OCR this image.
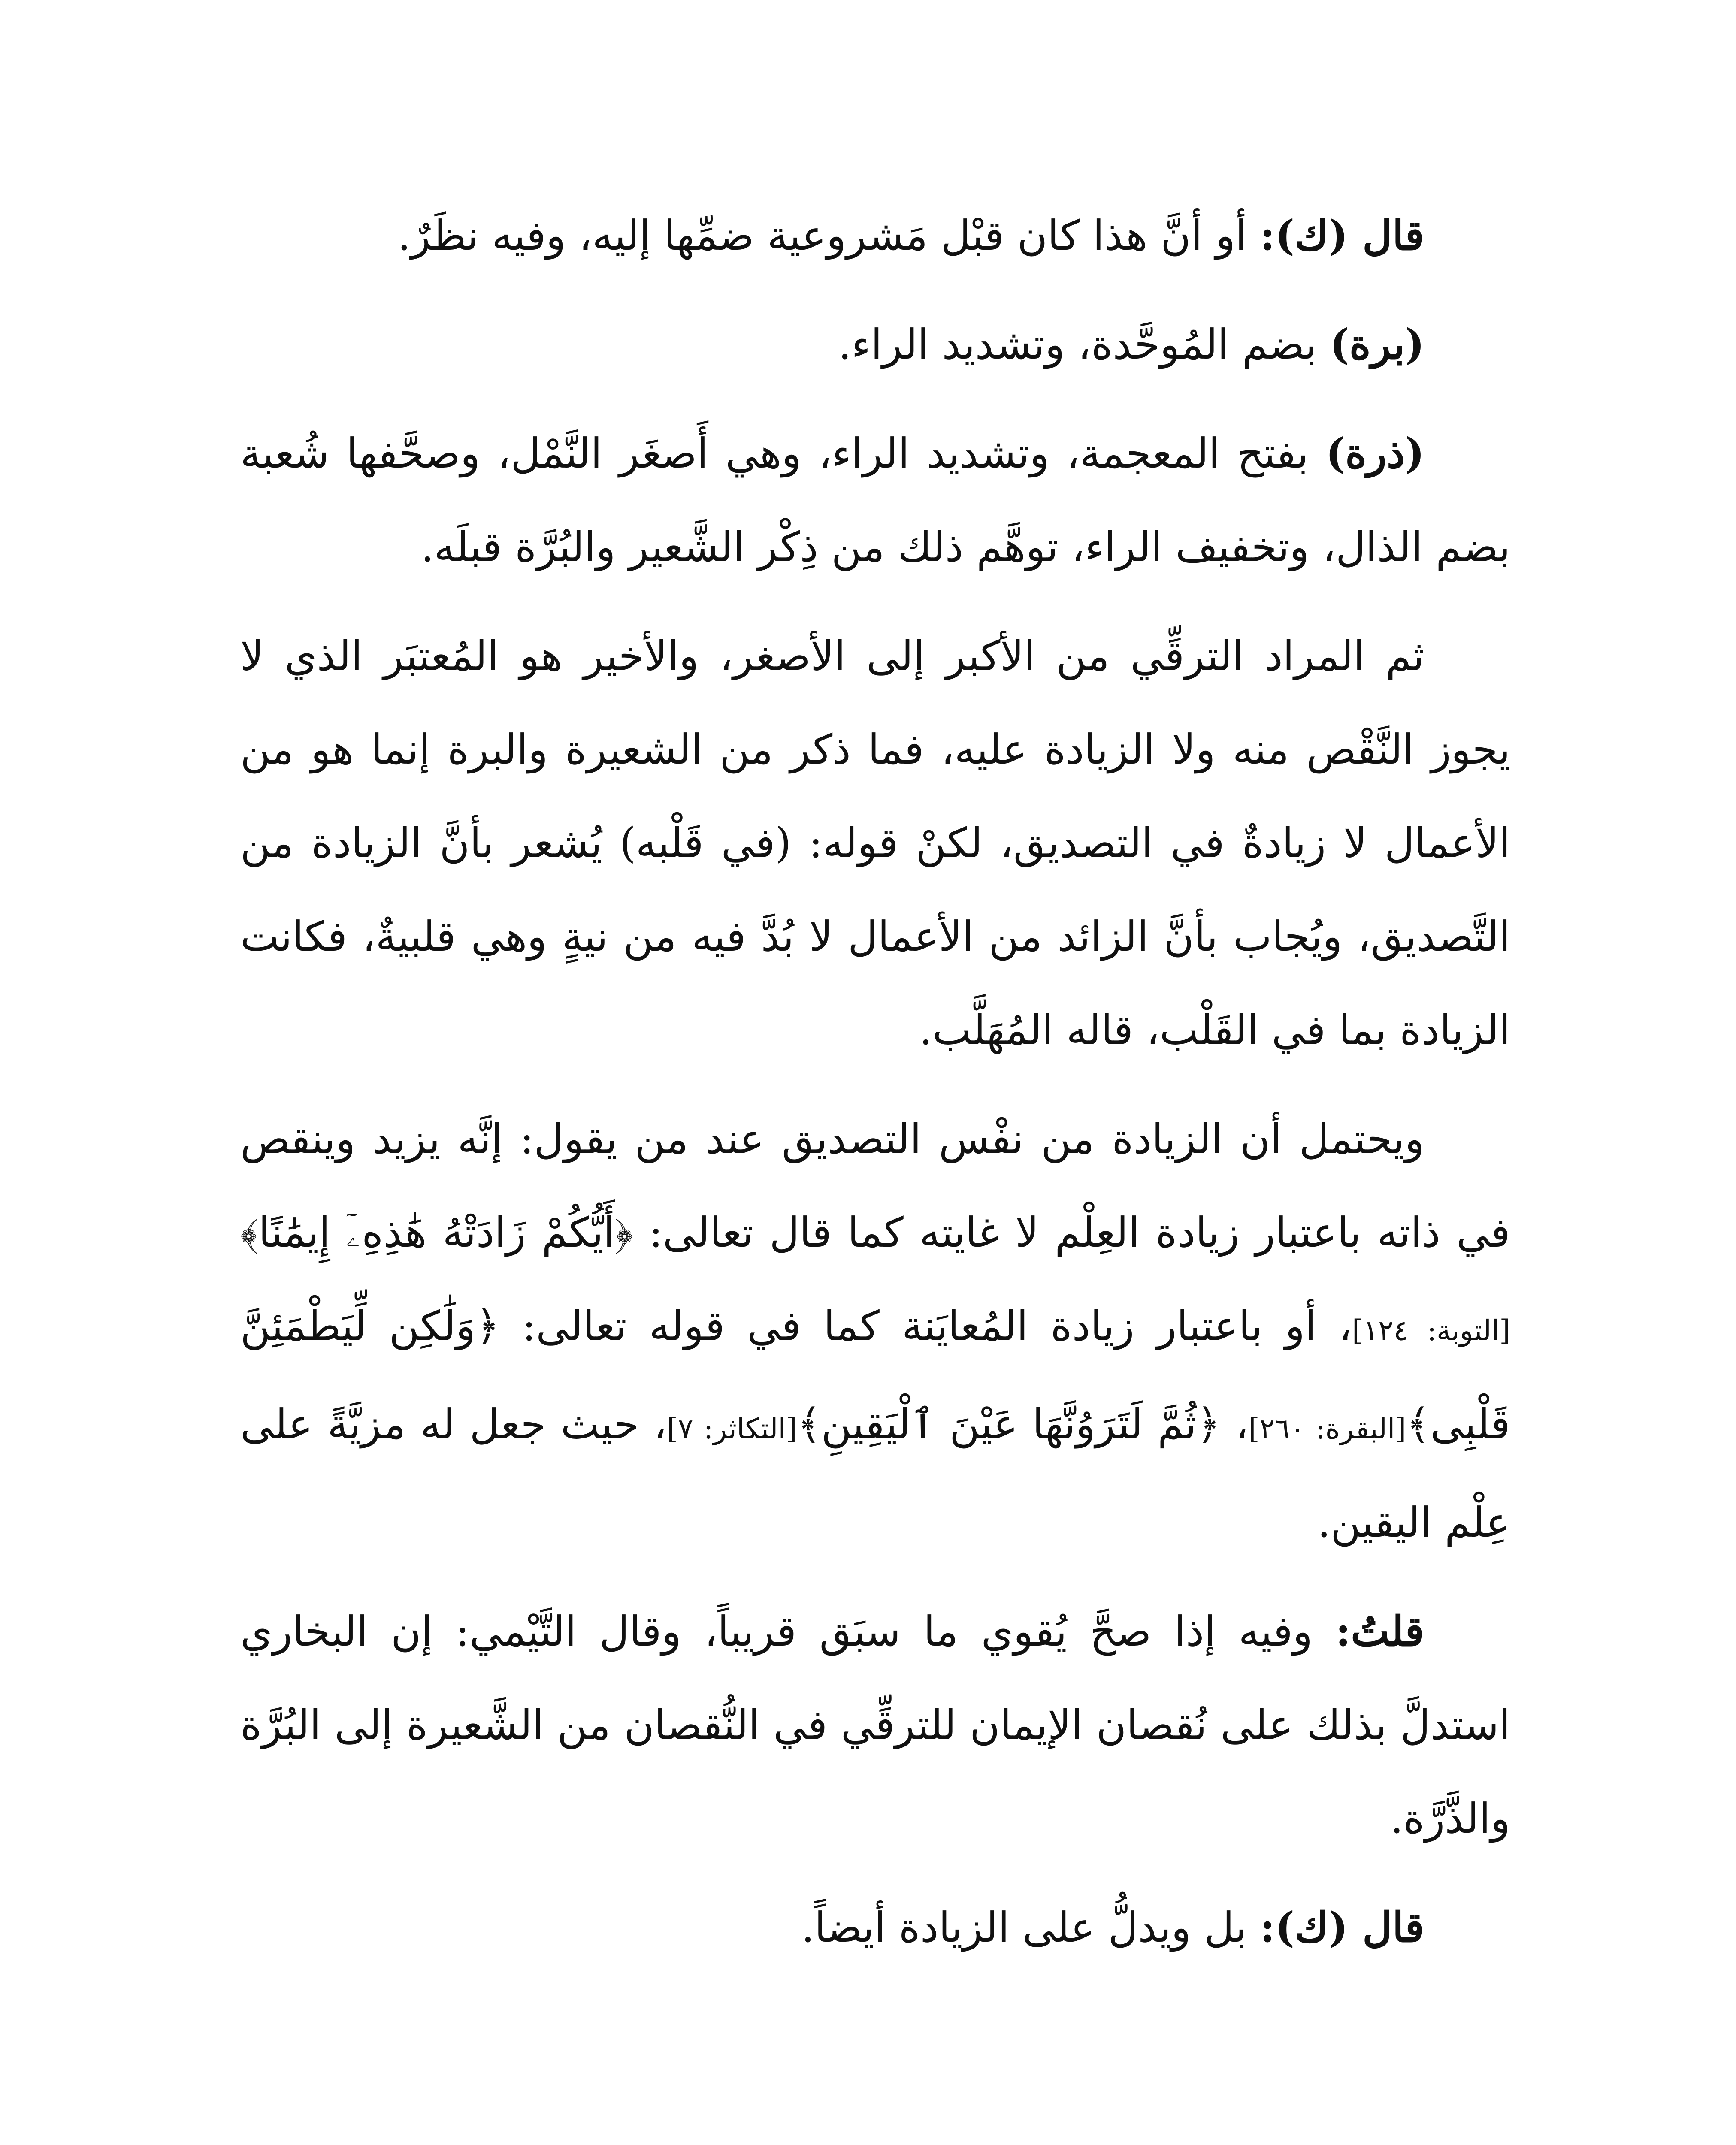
قال (ك): أو أنَّ هذا كان قبْل مَشروعية ضمِّها إليه، وفيه نظَرٌ.

(برة) بضم المُوحَّدة، وتشديد الراء.

(ذرة) بفتح المعجمة، وتشديد الراء، وهي أَصغَر النَّمْل، وصحَّفها شُعبة بضم الذال، وتخفيف الراء، توهَّم ذلك من ذِكْر الشَّعير والبُرَّة قبلَه.

ثم المراد الترقِّي من الأكبر إلى الأصغر، والأخير هو المُعتبَر الذي لا يجوز النَّقْص منه ولا الزيادة عليه، فما ذكر من الشعيرة والبرة إنما هو من الأعمال لا زيادةٌ في التصديق، لكنْ قوله: (في قَلْبه) يُشعر بأنَّ الزيادة من التَّصديق، ويُجاب بأنَّ الزائد من الأعمال لا بُدَّ فيه من نيةٍ وهي قلبيةٌ، فكانت الزيادة بما في القَلْب، قاله المُهَلَّب.

ويحتمل أن الزيادة من نفْس التصديق عند من يقول: إنَّه يزيد وينقص في ذاته باعتبار زيادة العِلْم لا غايته كما قال تعالى: ﴿أَيُّكُمْ زَادَتْهُ هَٰذِهِۦٓ إِيمَٰنًا﴾[التوبة: ١٢٤]، أو باعتبار زيادة المُعايَنة كما في قوله تعالى: ﴿وَلَٰكِن لِّيَطْمَئِنَّ قَلْبِى﴾[البقرة: ٢٦٠]، ﴿ثُمَّ لَتَرَوُنَّهَا عَيْنَ ٱلْيَقِينِ﴾[التكاثر: ٧]، حيث جعل له مزيَّةً على عِلْم اليقين.

قلتُ: وفيه إذا صحَّ يُقوي ما سبَق قريباً، وقال التَّيْمي: إن البخاري استدلَّ بذلك على نُقصان الإيمان للترقِّي في النُّقصان من الشَّعيرة إلى البُرَّة والذَّرَّة.

قال (ك): بل ويدلُّ على الزيادة أيضاً.
